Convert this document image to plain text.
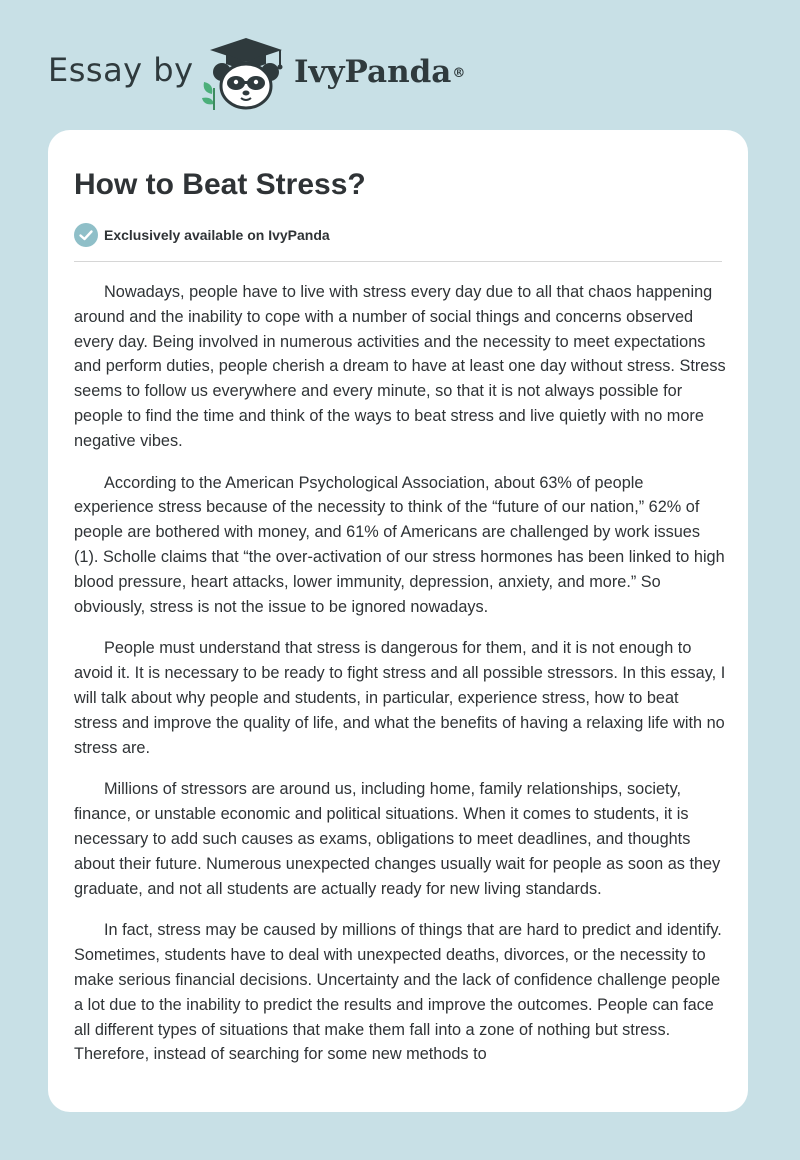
Essay by	IvyPanda®
How to Beat Stress?
Exclusively available on IvyPanda

Nowadays, people have to live with stress every day due to all that chaos happening around and the inability to cope with a number of social things and concerns observed every day. Being involved in numerous activities and the necessity to meet expectations and perform duties, people cherish a dream to have at least one day without stress. Stress seems to follow us everywhere and every minute, so that it is not always possible for people to find the time and think of the ways to beat stress and live quietly with no more negative vibes.

According to the American Psychological Association, about 63% of people experience stress because of the necessity to think of the “future of our nation,” 62% of people are bothered with money, and 61% of Americans are challenged by work issues (1). Scholle claims that “the over-activation of our stress hormones has been linked to high blood pressure, heart attacks, lower immunity, depression, anxiety, and more.” So obviously, stress is not the issue to be ignored nowadays.

People must understand that stress is dangerous for them, and it is not enough to avoid it. It is necessary to be ready to fight stress and all possible stressors. In this essay, I will talk about why people and students, in particular, experience stress, how to beat stress and improve the quality of life, and what the benefits of having a relaxing life with no stress are.

Millions of stressors are around us, including home, family relationships, society, finance, or unstable economic and political situations. When it comes to students, it is necessary to add such causes as exams, obligations to meet deadlines, and thoughts about their future. Numerous unexpected changes usually wait for people as soon as they graduate, and not all students are actually ready for new living standards.

In fact, stress may be caused by millions of things that are hard to predict and identify. Sometimes, students have to deal with unexpected deaths, divorces, or the necessity to make serious financial decisions. Uncertainty and the lack of confidence challenge people a lot due to the inability to predict the results and improve the outcomes. People can face all different types of situations that make them fall into a zone of nothing but stress. Therefore, instead of searching for some new methods to
